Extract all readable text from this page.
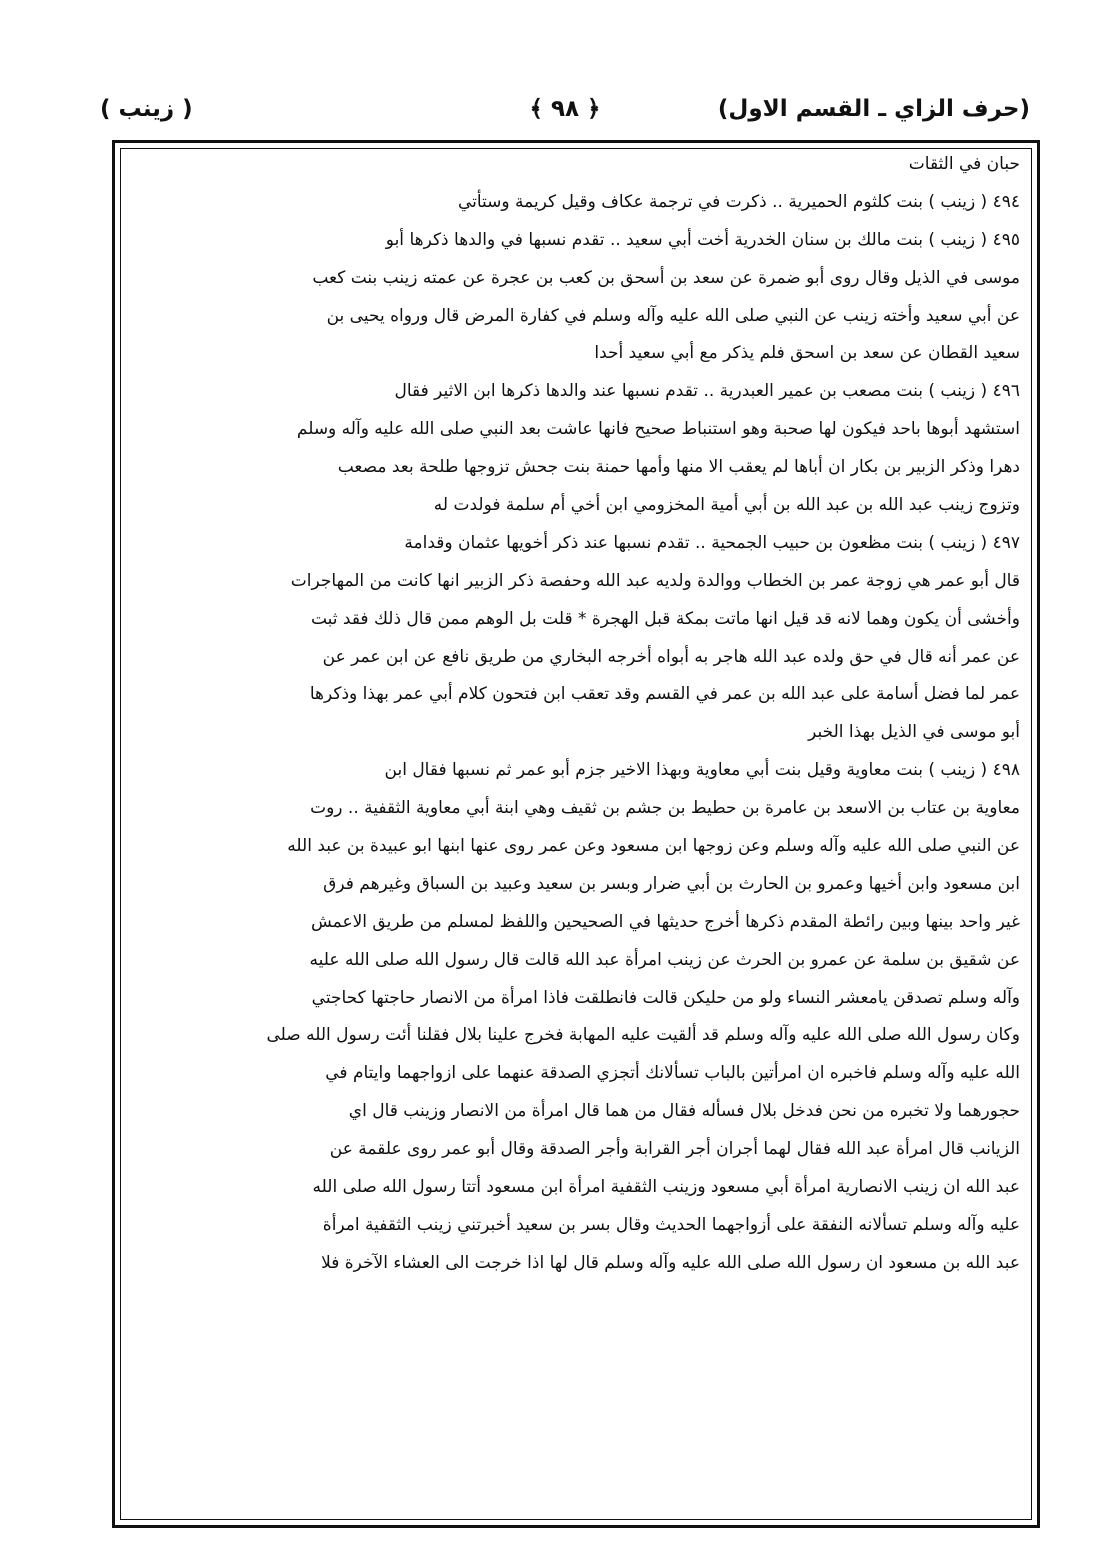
(حرف الزاي ـ القسم الاول)
﴿ ٩٨ ﴾
( زينب )
حبان في الثقات
٤٩٤ ( زينب ) بنت كلثوم الحميرية .. ذكرت في ترجمة عكاف وقيل كريمة وستأتي
٤٩٥ ( زينب ) بنت مالك بن سنان الخدرية أخت أبي سعيد .. تقدم نسبها في والدها ذكرها أبو
موسى في الذيل وقال روى أبو ضمرة عن سعد بن أسحق بن كعب بن عجرة عن عمته زينب بنت كعب
عن أبي سعيد وأخته زينب عن النبي صلى الله عليه وآله وسلم في كفارة المرض قال ورواه يحيى بن
سعيد القطان عن سعد بن اسحق فلم يذكر مع أبي سعيد أحدا
٤٩٦ ( زينب ) بنت مصعب بن عمير العبدرية .. تقدم نسبها عند والدها ذكرها ابن الاثير فقال
استشهد أبوها باحد فيكون لها صحبة وهو استنباط صحيح فانها عاشت بعد النبي صلى الله عليه وآله وسلم
دهرا وذكر الزبير بن بكار ان أباها لم يعقب الا منها وأمها حمنة بنت جحش تزوجها طلحة بعد مصعب
وتزوج زينب عبد الله بن عبد الله بن أبي أمية المخزومي ابن أخي أم سلمة فولدت له
٤٩٧ ( زينب ) بنت مظعون بن حبيب الجمحية .. تقدم نسبها عند ذكر أخويها عثمان وقدامة
قال أبو عمر هي زوجة عمر بن الخطاب ووالدة ولديه عبد الله وحفصة ذكر الزبير انها كانت من المهاجرات
وأخشى أن يكون وهما لانه قد قيل انها ماتت بمكة قبل الهجرة * قلت بل الوهم ممن قال ذلك فقد ثبت
عن عمر أنه قال في حق ولده عبد الله هاجر به أبواه أخرجه البخاري من طريق نافع عن ابن عمر عن
عمر لما فضل أسامة على عبد الله بن عمر في القسم وقد تعقب ابن فتحون كلام أبي عمر بهذا وذكرها
أبو موسى في الذيل بهذا الخبر
٤٩٨ ( زينب ) بنت معاوية وقيل بنت أبي معاوية وبهذا الاخير جزم أبو عمر ثم نسبها فقال ابن
معاوية بن عتاب بن الاسعد بن عامرة بن حطيط بن جشم بن ثقيف وهي ابنة أبي معاوية الثقفية .. روت
عن النبي صلى الله عليه وآله وسلم وعن زوجها ابن مسعود وعن عمر روى عنها ابنها ابو عبيدة بن عبد الله
ابن مسعود وابن أخيها وعمرو بن الحارث بن أبي ضرار وبسر بن سعيد وعبيد بن السباق وغيرهم فرق
غير واحد بينها وبين رائطة المقدم ذكرها أخرج حديثها في الصحيحين واللفظ لمسلم من طريق الاعمش
عن شقيق بن سلمة عن عمرو بن الحرث عن زينب امرأة عبد الله قالت قال رسول الله صلى الله عليه
وآله وسلم تصدقن يامعشر النساء ولو من حليكن قالت فانطلقت فاذا امرأة من الانصار حاجتها كحاجتي
وكان رسول الله صلى الله عليه وآله وسلم قد ألقيت عليه المهابة فخرج علينا بلال فقلنا أئت رسول الله صلى
الله عليه وآله وسلم فاخبره ان امرأتين بالباب تسألانك أتجزي الصدقة عنهما على ازواجهما وايتام في
حجورهما ولا تخبره من نحن فدخل بلال فسأله فقال من هما قال امرأة من الانصار وزينب قال اي
الزيانب قال امرأة عبد الله فقال لهما أجران أجر القرابة وأجر الصدقة وقال أبو عمر روى علقمة عن
عبد الله ان زينب الانصارية امرأة أبي مسعود وزينب الثقفية امرأة ابن مسعود أتتا رسول الله صلى الله
عليه وآله وسلم تسألانه النفقة على أزواجهما الحديث وقال بسر بن سعيد أخبرتني زينب الثقفية امرأة
عبد الله بن مسعود ان رسول الله صلى الله عليه وآله وسلم قال لها اذا خرجت الى العشاء الآخرة فلا
